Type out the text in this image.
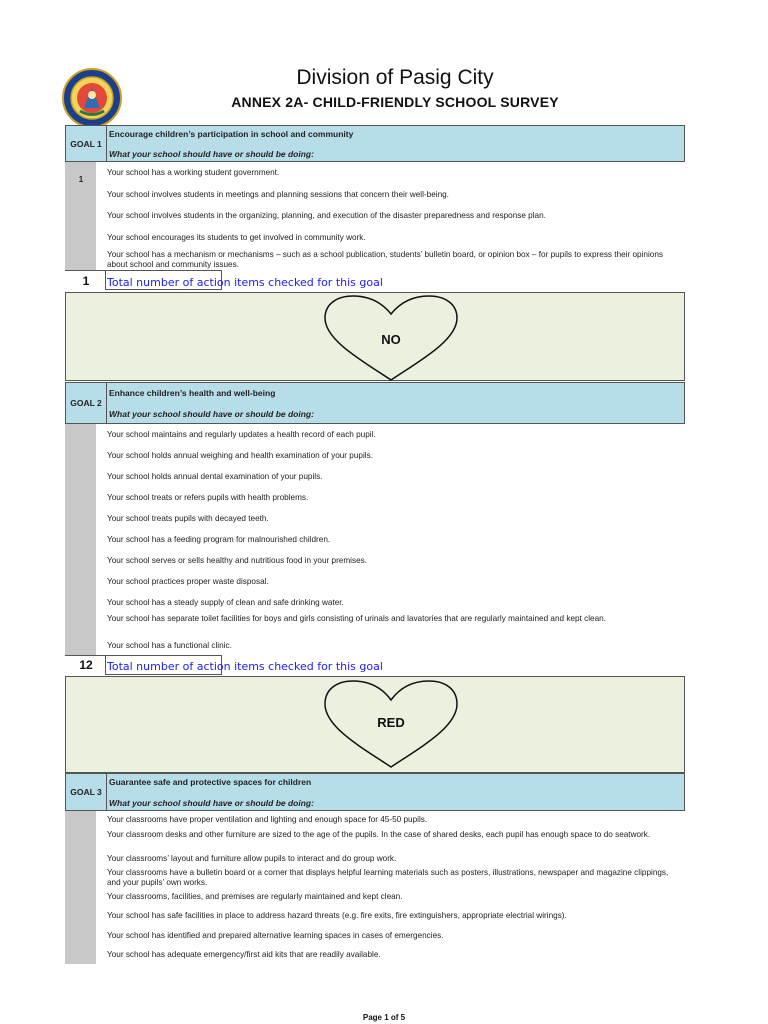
Division of Pasig City
ANNEX 2A- CHILD-FRIENDLY SCHOOL SURVEY
GOAL 1
Encourage children’s participation in school and community
What your school should have or should be doing:
1
Your school has a working student government.
Your school involves students in meetings and planning sessions that concern their well-being.
Your school involves students in the organizing, planning, and execution of the disaster preparedness and response plan.
Your school encourages its students to get involved in community work.
Your school has a mechanism or mechanisms – such as a school publication, students’ bulletin board, or opinion box – for pupils to express their opinions about school and community issues.
1	Total number of action items checked for this goal
NO
GOAL 2
Enhance children’s health and well-being
What your school should have or should be doing:
Your school maintains and regularly updates a health record of each pupil.
Your school holds annual weighing and health examination of your pupils.
Your school holds annual dental examination of your pupils.
Your school treats or refers pupils with health problems.
Your school treats pupils with decayed teeth.
Your school has a feeding program for malnourished children.
Your school serves or sells healthy and nutritious food in your premises.
Your school practices proper waste disposal.
Your school has a steady supply of clean and safe drinking water.
Your school has separate toilet facilities for boys and girls consisting of urinals and lavatories that are regularly maintained and kept clean.
Your school has a functional clinic.
12	Total number of action items checked for this goal
RED
GOAL 3
Guarantee safe and protective spaces for children
What your school should have or should be doing:
Your classrooms have proper ventilation and lighting and enough space for 45-50 pupils.
Your classroom desks and other furniture are sized to the age of the pupils. In the case of shared desks, each pupil has enough space to do seatwork.
Your classrooms’ layout and furniture allow pupils to interact and do group work.
Your classrooms have a bulletin board or a corner that displays helpful learning materials such as posters, illustrations, newspaper and magazine clippings, and your pupils’ own works.
Your classrooms, facilities, and premises are regularly maintained and kept clean.
Your school has safe facilities in place to address hazard threats (e.g. fire exits, fire extinguishers, appropriate electrial wirings).
Your school has identified and prepared alternative learning spaces in cases of emergencies.
Your school has adequate emergency/first aid kits that are readily available.
Page 1 of 5
